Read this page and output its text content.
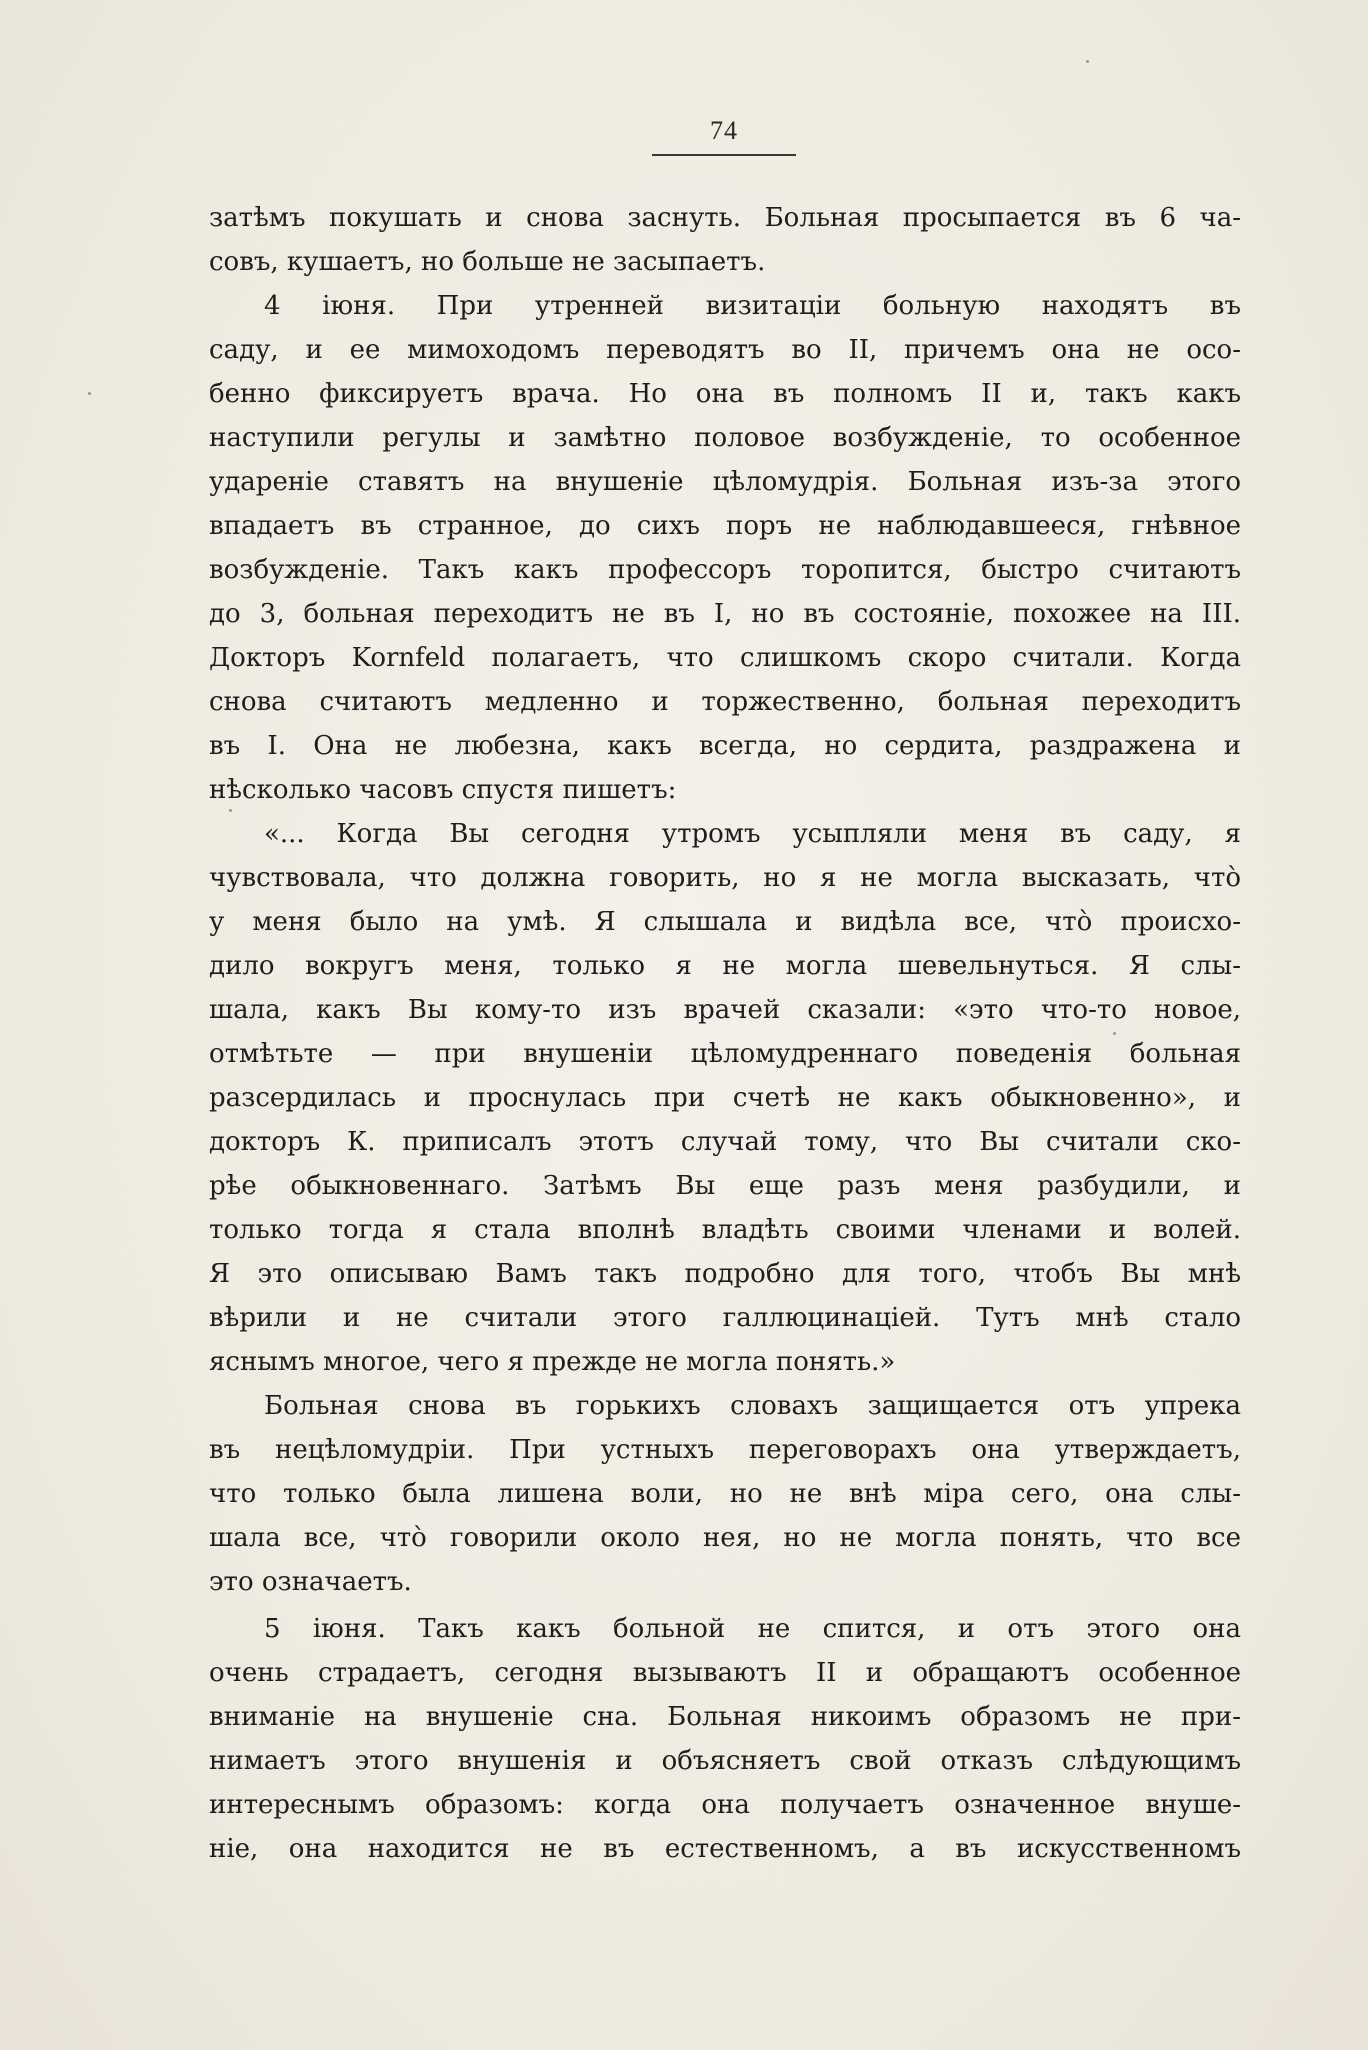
74
затѣмъ покушать и снова заснуть. Больная просыпается въ 6 ча-
совъ, кушаетъ, но больше не засыпаетъ.
4 іюня. При утренней визитаціи больную находятъ въ
саду, и ее мимоходомъ переводятъ во II, причемъ она не осо-
бенно фиксируетъ врача. Но она въ полномъ II и, такъ какъ
наступили регулы и замѣтно половое возбужденіе, то особенное
удареніе ставятъ на внушеніе цѣломудрія. Больная изъ-за этого
впадаетъ въ странное, до сихъ поръ не наблюдавшееся, гнѣвное
возбужденіе. Такъ какъ профессоръ торопится, быстро считаютъ
до 3, больная переходитъ не въ I, но въ состояніе, похожее на III.
Докторъ Kornfeld полагаетъ, что слишкомъ скоро считали. Когда
снова считаютъ медленно и торжественно, больная переходитъ
въ I. Она не любезна, какъ всегда, но сердита, раздражена и
нѣсколько часовъ спустя пишетъ:
«... Когда Вы сегодня утромъ усыпляли меня въ саду, я
чувствовала, что должна говорить, но я не могла высказать, что̀
у меня было на умѣ. Я слышала и видѣла все, что̀ происхо-
дило вокругъ меня, только я не могла шевельнуться. Я слы-
шала, какъ Вы кому-то изъ врачей сказали: «это что-то новое,
отмѣтьте — при внушеніи цѣломудреннаго поведенія больная
разсердилась и проснулась при счетѣ не какъ обыкновенно», и
докторъ К. приписалъ этотъ случай тому, что Вы считали ско-
рѣе обыкновеннаго. Затѣмъ Вы еще разъ меня разбудили, и
только тогда я стала вполнѣ владѣть своими членами и волей.
Я это описываю Вамъ такъ подробно для того, чтобъ Вы мнѣ
вѣрили и не считали этого галлюцинаціей. Тутъ мнѣ стало
яснымъ многое, чего я прежде не могла понять.»
Больная снова въ горькихъ словахъ защищается отъ упрека
въ нецѣломудріи. При устныхъ переговорахъ она утверждаетъ,
что только была лишена воли, но не внѣ міра сего, она слы-
шала все, что̀ говорили около нея, но не могла понять, что все
это означаетъ.
5 іюня. Такъ какъ больной не спится, и отъ этого она
очень страдаетъ, сегодня вызываютъ II и обращаютъ особенное
вниманіе на внушеніе сна. Больная никоимъ образомъ не при-
нимаетъ этого внушенія и объясняетъ свой отказъ слѣдующимъ
интереснымъ образомъ: когда она получаетъ означенное внуше-
ніе, она находится не въ естественномъ, а въ искусственномъ
